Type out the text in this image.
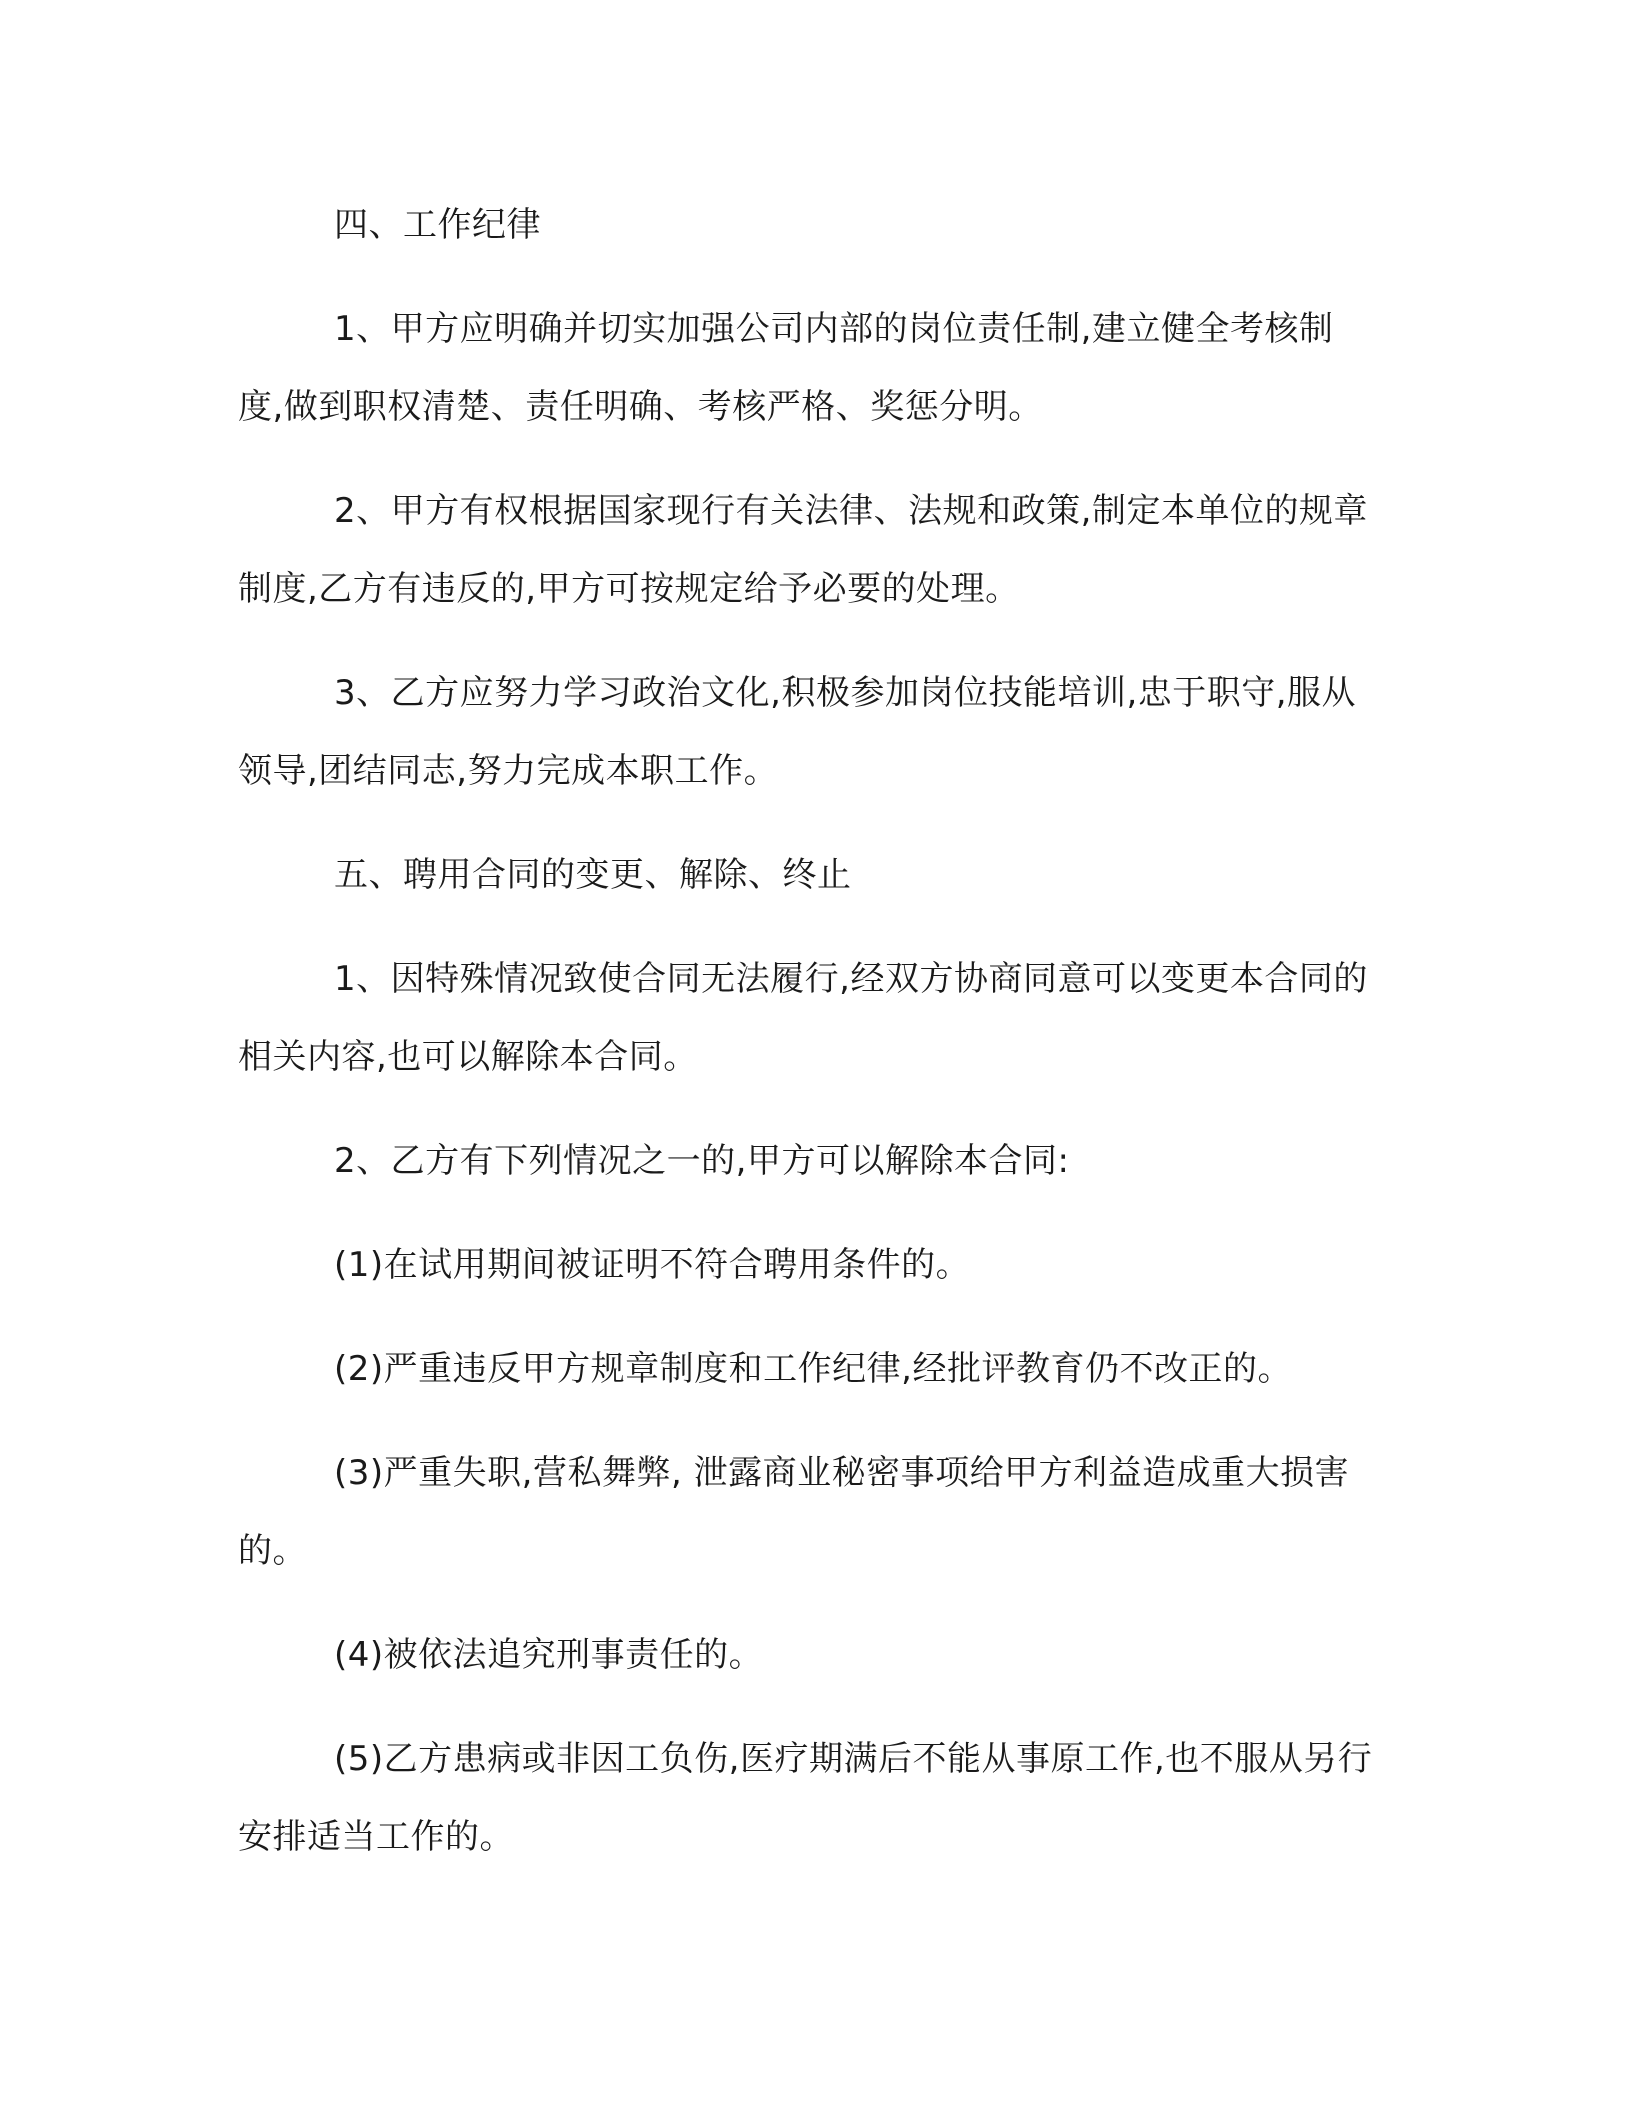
四、工作纪律

1、甲方应明确并切实加强公司内部的岗位责任制,建立健全考核制度,做到职权清楚、责任明确、考核严格、奖惩分明。

2、甲方有权根据国家现行有关法律、法规和政策,制定本单位的规章制度,乙方有违反的,甲方可按规定给予必要的处理。

3、乙方应努力学习政治文化,积极参加岗位技能培训,忠于职守,服从领导,团结同志,努力完成本职工作。

五、聘用合同的变更、解除、终止

1、因特殊情况致使合同无法履行,经双方协商同意可以变更本合同的相关内容,也可以解除本合同。

2、乙方有下列情况之一的,甲方可以解除本合同:

(1)在试用期间被证明不符合聘用条件的。

(2)严重违反甲方规章制度和工作纪律,经批评教育仍不改正的。

(3)严重失职,营私舞弊, 泄露商业秘密事项给甲方利益造成重大损害的。

(4)被依法追究刑事责任的。

(5)乙方患病或非因工负伤,医疗期满后不能从事原工作,也不服从另行安排适当工作的。
